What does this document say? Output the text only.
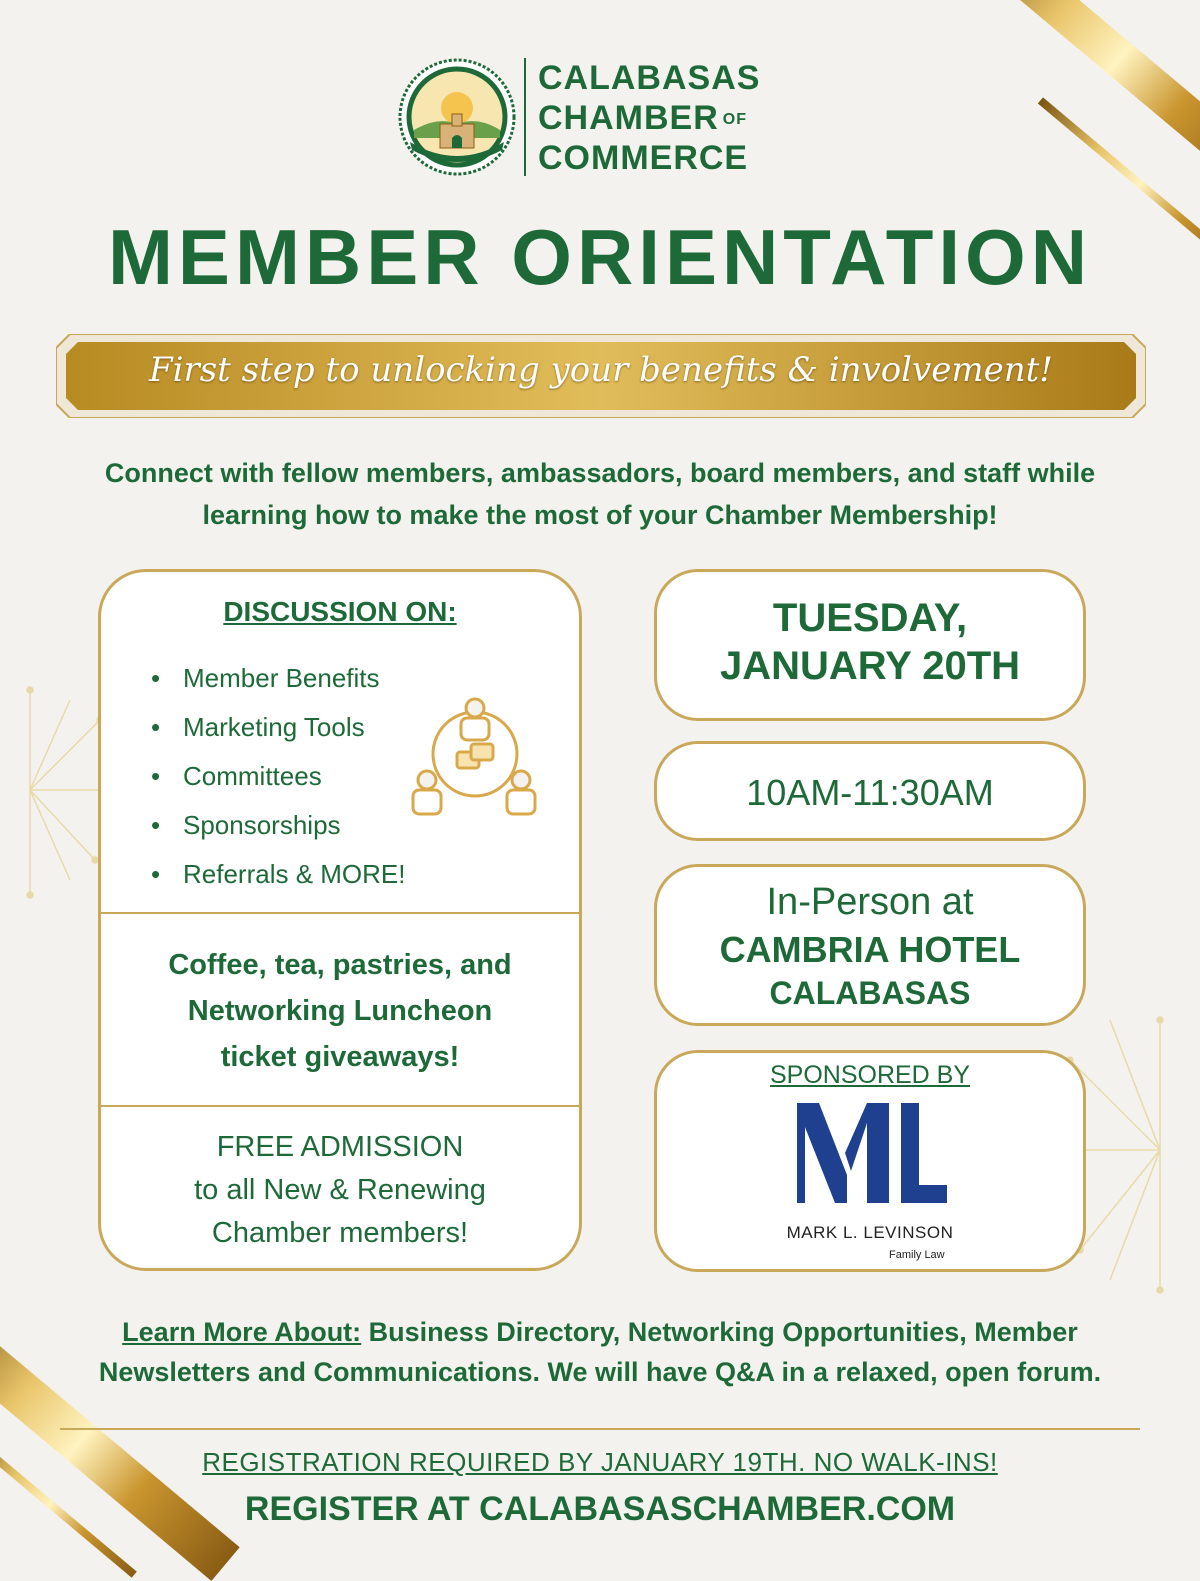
CALABASAS
CHAMBER OF
COMMERCE
MEMBER ORIENTATION
First step to unlocking your benefits & involvement!
Connect with fellow members, ambassadors, board members, and staff while learning how to make the most of your Chamber Membership!
DISCUSSION ON:
• Member Benefits
• Marketing Tools
• Committees
• Sponsorships
• Referrals & MORE!
Coffee, tea, pastries, and Networking Luncheon ticket giveaways!
FREE ADMISSION
to all New & Renewing
Chamber members!
TUESDAY,
JANUARY 20TH
10AM-11:30AM
In-Person at
CAMBRIA HOTEL
CALABASAS
SPONSORED BY
MARK L. LEVINSON
Family Law
Learn More About: Business Directory, Networking Opportunities, Member Newsletters and Communications. We will have Q&A in a relaxed, open forum.
REGISTRATION REQUIRED BY JANUARY 19TH. NO WALK-INS!
REGISTER AT CALABASASCHAMBER.COM
